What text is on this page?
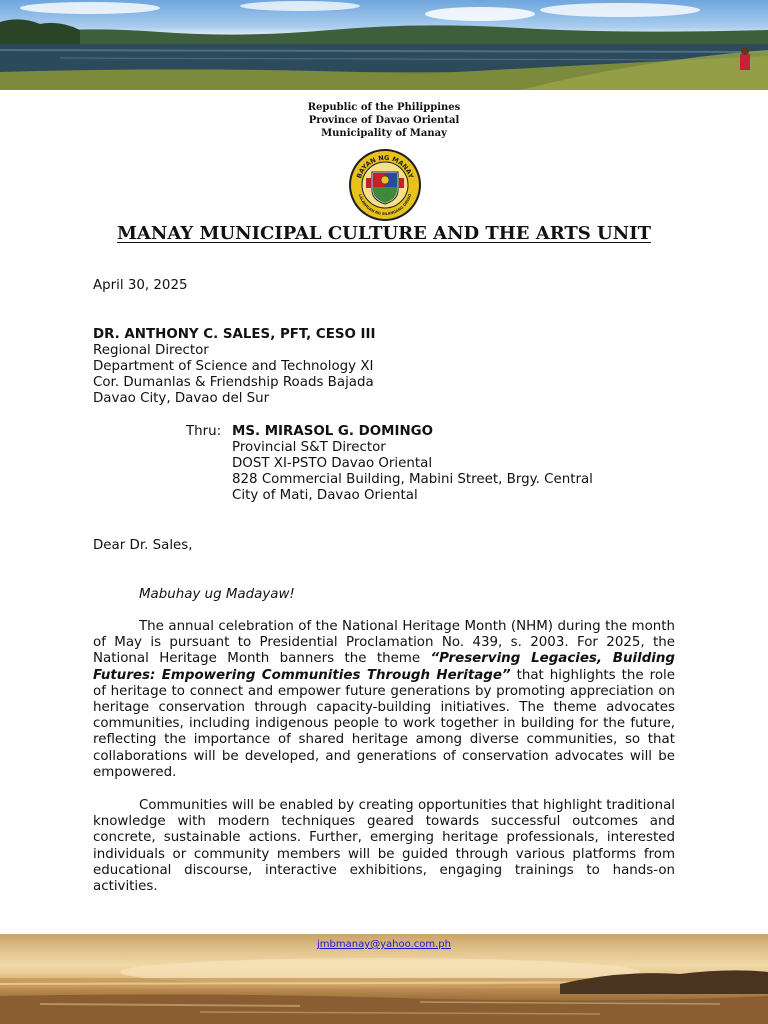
Republic of the Philippines
Province of Davao Oriental
Municipality of Manay
BAYAN NG MANAY
LALAWIGAN NG SILANGANG DAVAO
MANAY MUNICIPAL CULTURE AND THE ARTS UNIT
April 30, 2025
DR. ANTHONY C. SALES, PFT, CESO III
Regional Director
Department of Science and Technology XI
Cor. Dumanlas & Friendship Roads Bajada
Davao City, Davao del Sur
Thru: MS. MIRASOL G. DOMINGO
Provincial S&T Director
DOST XI-PSTO Davao Oriental
828 Commercial Building, Mabini Street, Brgy. Central
City of Mati, Davao Oriental
Dear Dr. Sales,
Mabuhay ug Madayaw!
The annual celebration of the National Heritage Month (NHM) during the month of May is pursuant to Presidential Proclamation No. 439, s. 2003. For 2025, the National Heritage Month banners the theme “Preserving Legacies, Building Futures: Empowering Communities Through Heritage” that highlights the role of heritage to connect and empower future generations by promoting appreciation on heritage conservation through capacity-building initiatives. The theme advocates communities, including indigenous people to work together in building for the future, reflecting the importance of shared heritage among diverse communities, so that collaborations will be developed, and generations of conservation advocates will be empowered.
Communities will be enabled by creating opportunities that highlight traditional knowledge with modern techniques geared towards successful outcomes and concrete, sustainable actions. Further, emerging heritage professionals, interested individuals or community members will be guided through various platforms from educational discourse, interactive exhibitions, engaging trainings to hands-on activities.
jmbmanay@yahoo.com.ph
